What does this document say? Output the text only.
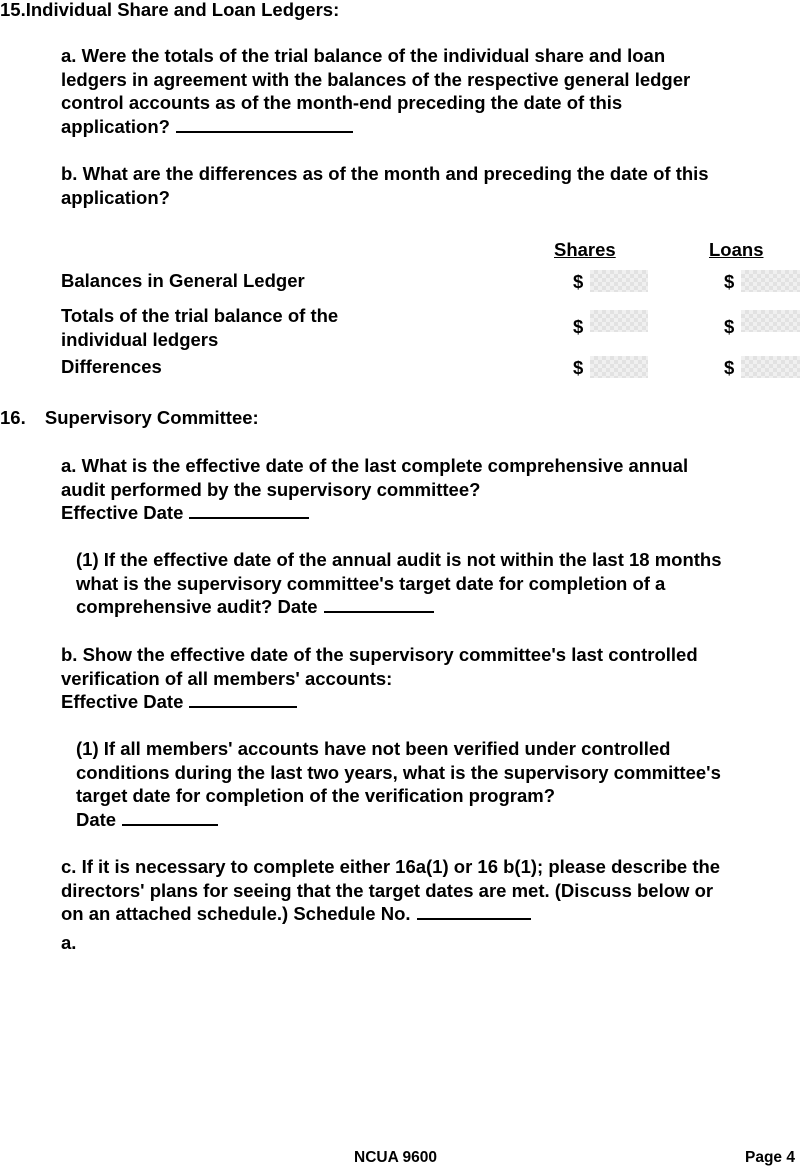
15.Individual Share and Loan Ledgers:
a. Were the totals of the trial balance of the individual share and loan
ledgers in agreement with the balances of the respective general ledger
control accounts as of the month-end preceding the date of this
application?
b. What are the differences as of the month and preceding the date of this
application?
Shares	Loans
Balances in General Ledger	$	$
Totals of the trial balance of the
individual ledgers
$	$
Differences	$	$
16. Supervisory Committee:
a. What is the effective date of the last complete comprehensive annual
audit performed by the supervisory committee?
Effective Date
(1) If the effective date of the annual audit is not within the last 18 months
what is the supervisory committee's target date for completion of a
comprehensive audit? Date
b. Show the effective date of the supervisory committee's last controlled
verification of all members' accounts:
Effective Date
(1) If all members' accounts have not been verified under controlled
conditions during the last two years, what is the supervisory committee's
target date for completion of the verification program?
Date
c. If it is necessary to complete either 16a(1) or 16 b(1); please describe the
directors' plans for seeing that the target dates are met. (Discuss below or
on an attached schedule.) Schedule No.
a.
NCUA 9600	Page 4
